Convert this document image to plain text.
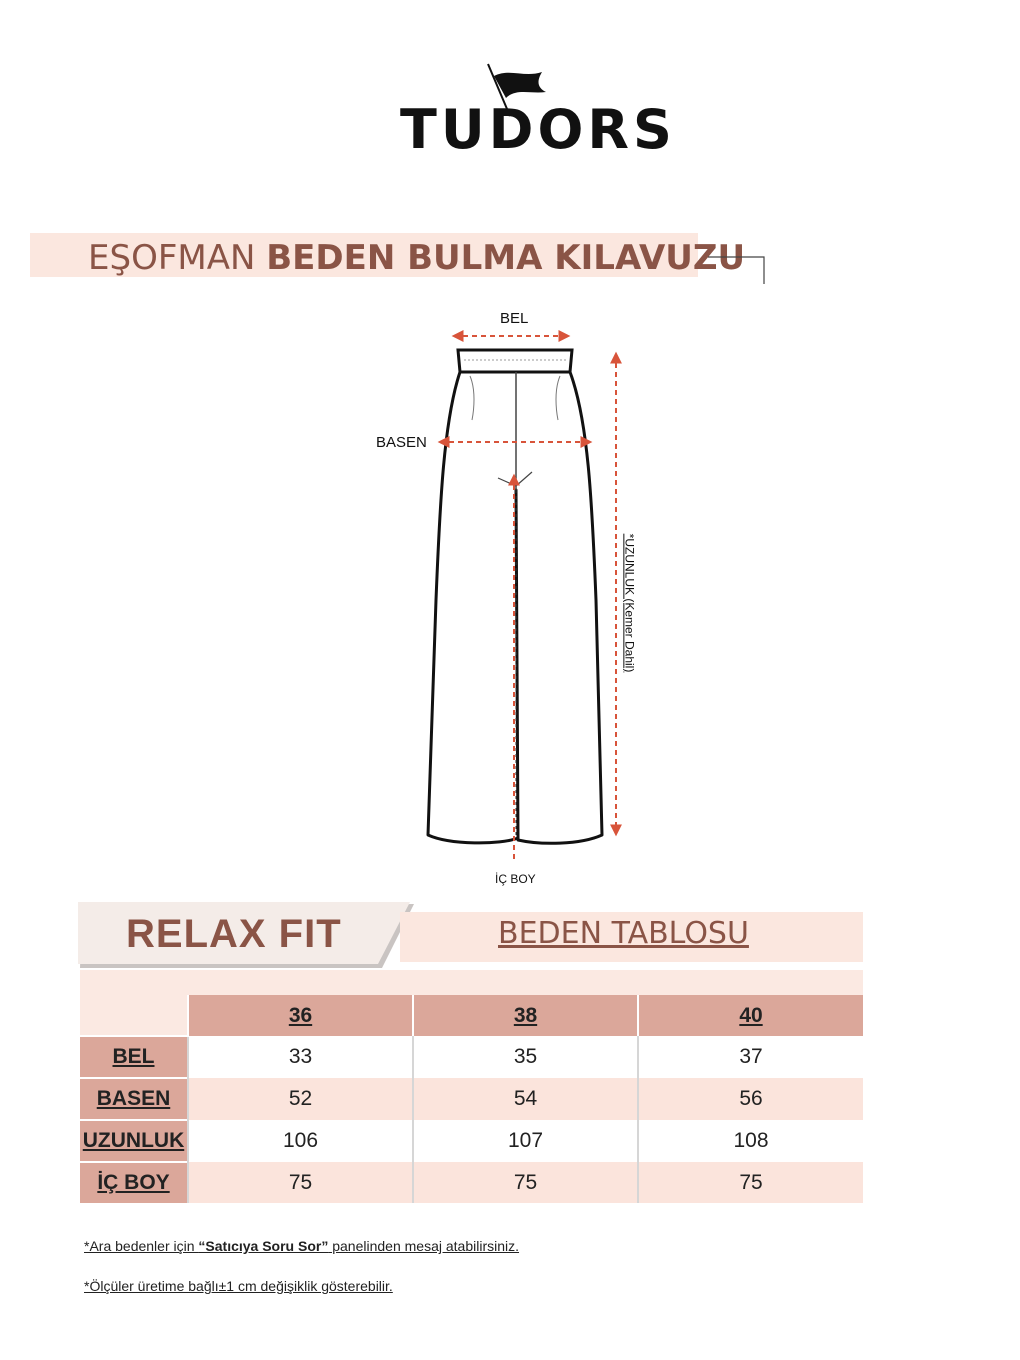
TUDORS
EŞOFMAN BEDEN BULMA KILAVUZU
BEL
BASEN
İÇ BOY
*UZUNLUK (Kemer Dahil)
RELAX FIT	BEDEN TABLOSU
	36	38	40
BEL	33	35	37
BASEN	52	54	56
UZUNLUK	106	107	108
İÇ BOY	75	75	75
*Ara bedenler için “Satıcıya Soru Sor” panelinden mesaj atabilirsiniz.
*Ölçüler üretime bağlı±1 cm değişiklik gösterebilir.
